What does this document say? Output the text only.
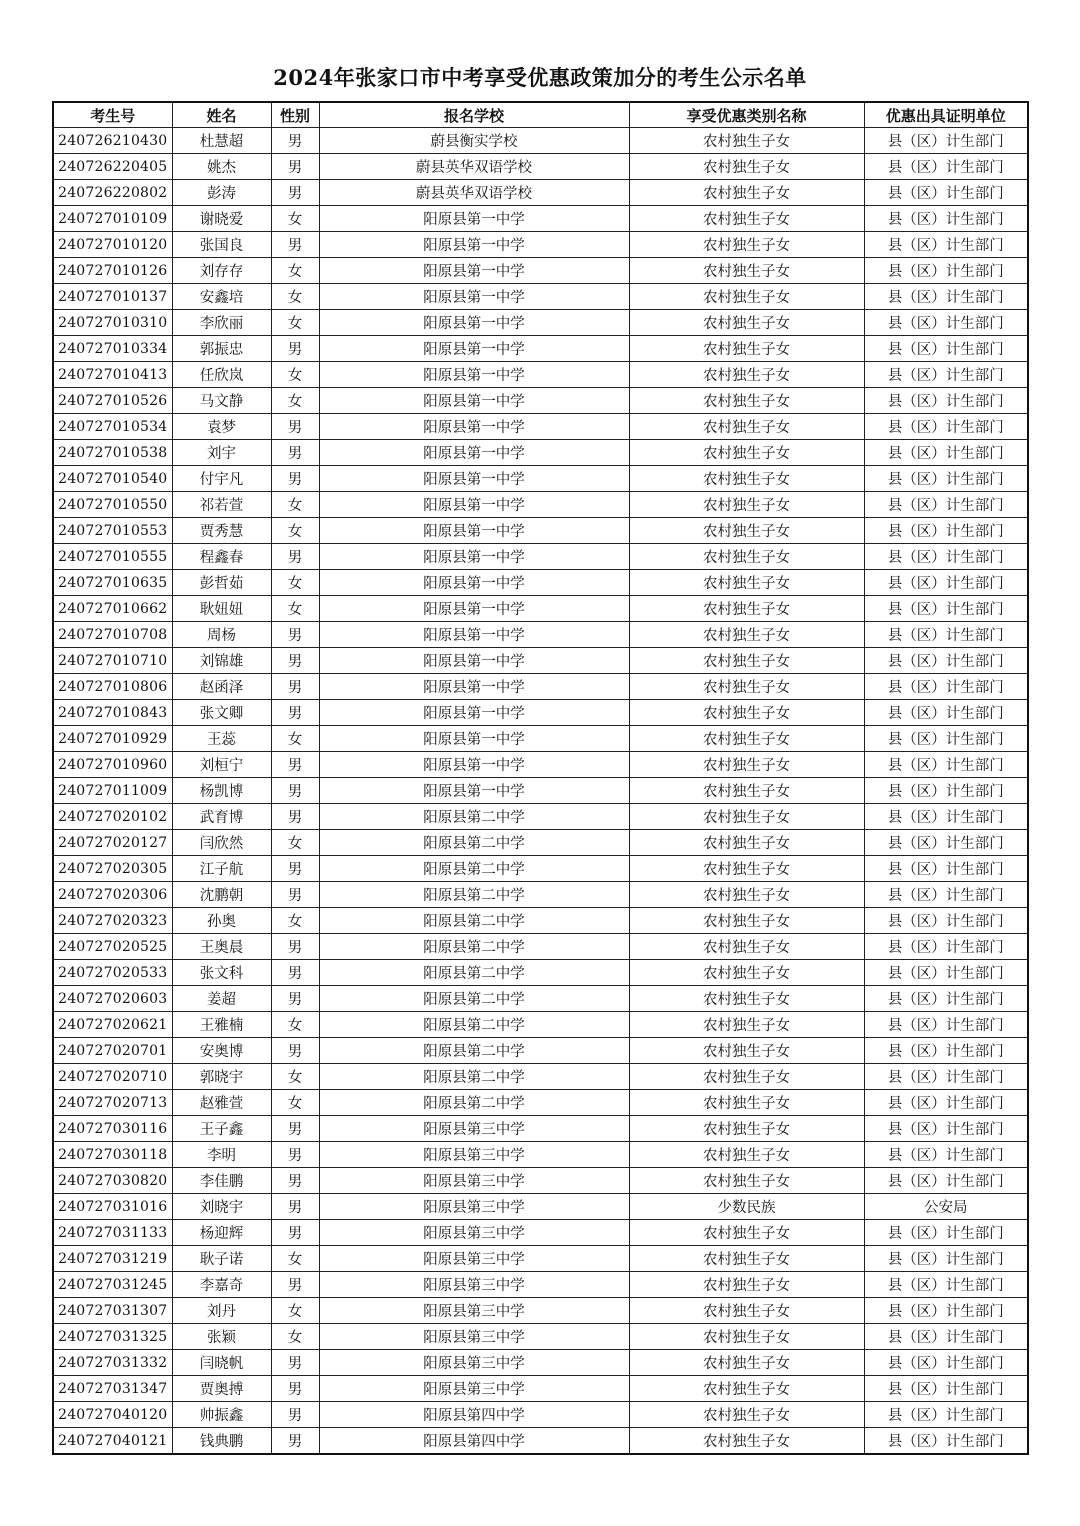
2024年张家口市中考享受优惠政策加分的考生公示名单
考生号	姓名	性别	报名学校	享受优惠类别名称	优惠出具证明单位
240726210430	杜慧超	男	蔚县衡实学校	农村独生子女	县（区）计生部门
240726220405	姚杰	男	蔚县英华双语学校	农村独生子女	县（区）计生部门
240726220802	彭涛	男	蔚县英华双语学校	农村独生子女	县（区）计生部门
240727010109	谢晓爱	女	阳原县第一中学	农村独生子女	县（区）计生部门
240727010120	张国良	男	阳原县第一中学	农村独生子女	县（区）计生部门
240727010126	刘存存	女	阳原县第一中学	农村独生子女	县（区）计生部门
240727010137	安鑫培	女	阳原县第一中学	农村独生子女	县（区）计生部门
240727010310	李欣丽	女	阳原县第一中学	农村独生子女	县（区）计生部门
240727010334	郭振忠	男	阳原县第一中学	农村独生子女	县（区）计生部门
240727010413	任欣岚	女	阳原县第一中学	农村独生子女	县（区）计生部门
240727010526	马文静	女	阳原县第一中学	农村独生子女	县（区）计生部门
240727010534	袁梦	男	阳原县第一中学	农村独生子女	县（区）计生部门
240727010538	刘宇	男	阳原县第一中学	农村独生子女	县（区）计生部门
240727010540	付宇凡	男	阳原县第一中学	农村独生子女	县（区）计生部门
240727010550	祁若萱	女	阳原县第一中学	农村独生子女	县（区）计生部门
240727010553	贾秀慧	女	阳原县第一中学	农村独生子女	县（区）计生部门
240727010555	程鑫春	男	阳原县第一中学	农村独生子女	县（区）计生部门
240727010635	彭哲茹	女	阳原县第一中学	农村独生子女	县（区）计生部门
240727010662	耿妞妞	女	阳原县第一中学	农村独生子女	县（区）计生部门
240727010708	周杨	男	阳原县第一中学	农村独生子女	县（区）计生部门
240727010710	刘锦雄	男	阳原县第一中学	农村独生子女	县（区）计生部门
240727010806	赵函泽	男	阳原县第一中学	农村独生子女	县（区）计生部门
240727010843	张文卿	男	阳原县第一中学	农村独生子女	县（区）计生部门
240727010929	王蕊	女	阳原县第一中学	农村独生子女	县（区）计生部门
240727010960	刘桓宁	男	阳原县第一中学	农村独生子女	县（区）计生部门
240727011009	杨凯博	男	阳原县第一中学	农村独生子女	县（区）计生部门
240727020102	武育博	男	阳原县第二中学	农村独生子女	县（区）计生部门
240727020127	闫欣然	女	阳原县第二中学	农村独生子女	县（区）计生部门
240727020305	江子航	男	阳原县第二中学	农村独生子女	县（区）计生部门
240727020306	沈鹏朝	男	阳原县第二中学	农村独生子女	县（区）计生部门
240727020323	孙奥	女	阳原县第二中学	农村独生子女	县（区）计生部门
240727020525	王奥晨	男	阳原县第二中学	农村独生子女	县（区）计生部门
240727020533	张文科	男	阳原县第二中学	农村独生子女	县（区）计生部门
240727020603	姜超	男	阳原县第二中学	农村独生子女	县（区）计生部门
240727020621	王雅楠	女	阳原县第二中学	农村独生子女	县（区）计生部门
240727020701	安奥博	男	阳原县第二中学	农村独生子女	县（区）计生部门
240727020710	郭晓宇	女	阳原县第二中学	农村独生子女	县（区）计生部门
240727020713	赵雅萱	女	阳原县第二中学	农村独生子女	县（区）计生部门
240727030116	王子鑫	男	阳原县第三中学	农村独生子女	县（区）计生部门
240727030118	李明	男	阳原县第三中学	农村独生子女	县（区）计生部门
240727030820	李佳鹏	男	阳原县第三中学	农村独生子女	县（区）计生部门
240727031016	刘晓宇	男	阳原县第三中学	少数民族	公安局
240727031133	杨迎辉	男	阳原县第三中学	农村独生子女	县（区）计生部门
240727031219	耿子诺	女	阳原县第三中学	农村独生子女	县（区）计生部门
240727031245	李嘉奇	男	阳原县第三中学	农村独生子女	县（区）计生部门
240727031307	刘丹	女	阳原县第三中学	农村独生子女	县（区）计生部门
240727031325	张颖	女	阳原县第三中学	农村独生子女	县（区）计生部门
240727031332	闫晓帆	男	阳原县第三中学	农村独生子女	县（区）计生部门
240727031347	贾奥搏	男	阳原县第三中学	农村独生子女	县（区）计生部门
240727040120	帅振鑫	男	阳原县第四中学	农村独生子女	县（区）计生部门
240727040121	钱典鹏	男	阳原县第四中学	农村独生子女	县（区）计生部门
